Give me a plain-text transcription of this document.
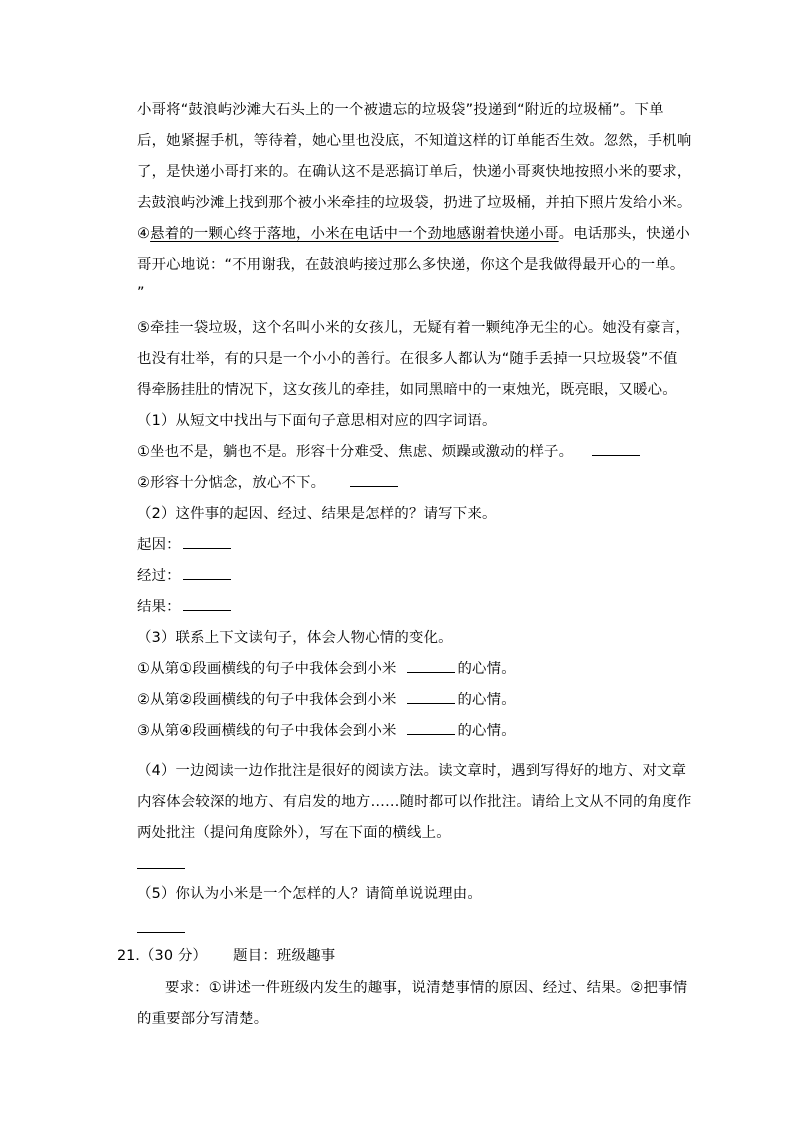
小哥将“鼓浪屿沙滩大石头上的一个被遗忘的垃圾袋”投递到“附近的垃圾桶”。下单
后，她紧握手机，等待着，她心里也没底，不知道这样的订单能否生效。忽然，手机响
了，是快递小哥打来的。在确认这不是恶搞订单后，快递小哥爽快地按照小米的要求，
去鼓浪屿沙滩上找到那个被小米牵挂的垃圾袋，扔进了垃圾桶，并拍下照片发给小米。
④悬着的一颗心终于落地，小米在电话中一个劲地感谢着快递小哥。电话那头，快递小
哥开心地说：“不用谢我，在鼓浪屿接过那么多快递，你这个是我做得最开心的一单。
”
⑤牵挂一袋垃圾，这个名叫小米的女孩儿，无疑有着一颗纯净无尘的心。她没有豪言，
也没有壮举，有的只是一个小小的善行。在很多人都认为“随手丢掉一只垃圾袋”不值
得牵肠挂肚的情况下，这女孩儿的牵挂，如同黑暗中的一束烛光，既亮眼，又暖心。
（1）从短文中找出与下面句子意思相对应的四字词语。
①坐也不是，躺也不是。形容十分难受、焦虑、烦躁或激动的样子。
②形容十分惦念，放心不下。
（2）这件事的起因、经过、结果是怎样的？请写下来。
起因：
经过：
结果：
（3）联系上下文读句子，体会人物心情的变化。
①从第①段画横线的句子中我体会到小米	的心情。
②从第②段画横线的句子中我体会到小米	的心情。
③从第④段画横线的句子中我体会到小米	的心情。
（4）一边阅读一边作批注是很好的阅读方法。读文章时，遇到写得好的地方、对文章
内容体会较深的地方、有启发的地方……随时都可以作批注。请给上文从不同的角度作
两处批注（提问角度除外），写在下面的横线上。
（5）你认为小米是一个怎样的人？请简单说说理由。
21.（30 分） 题目：班级趣事
要求：①讲述一件班级内发生的趣事，说清楚事情的原因、经过、结果。②把事情
的重要部分写清楚。
